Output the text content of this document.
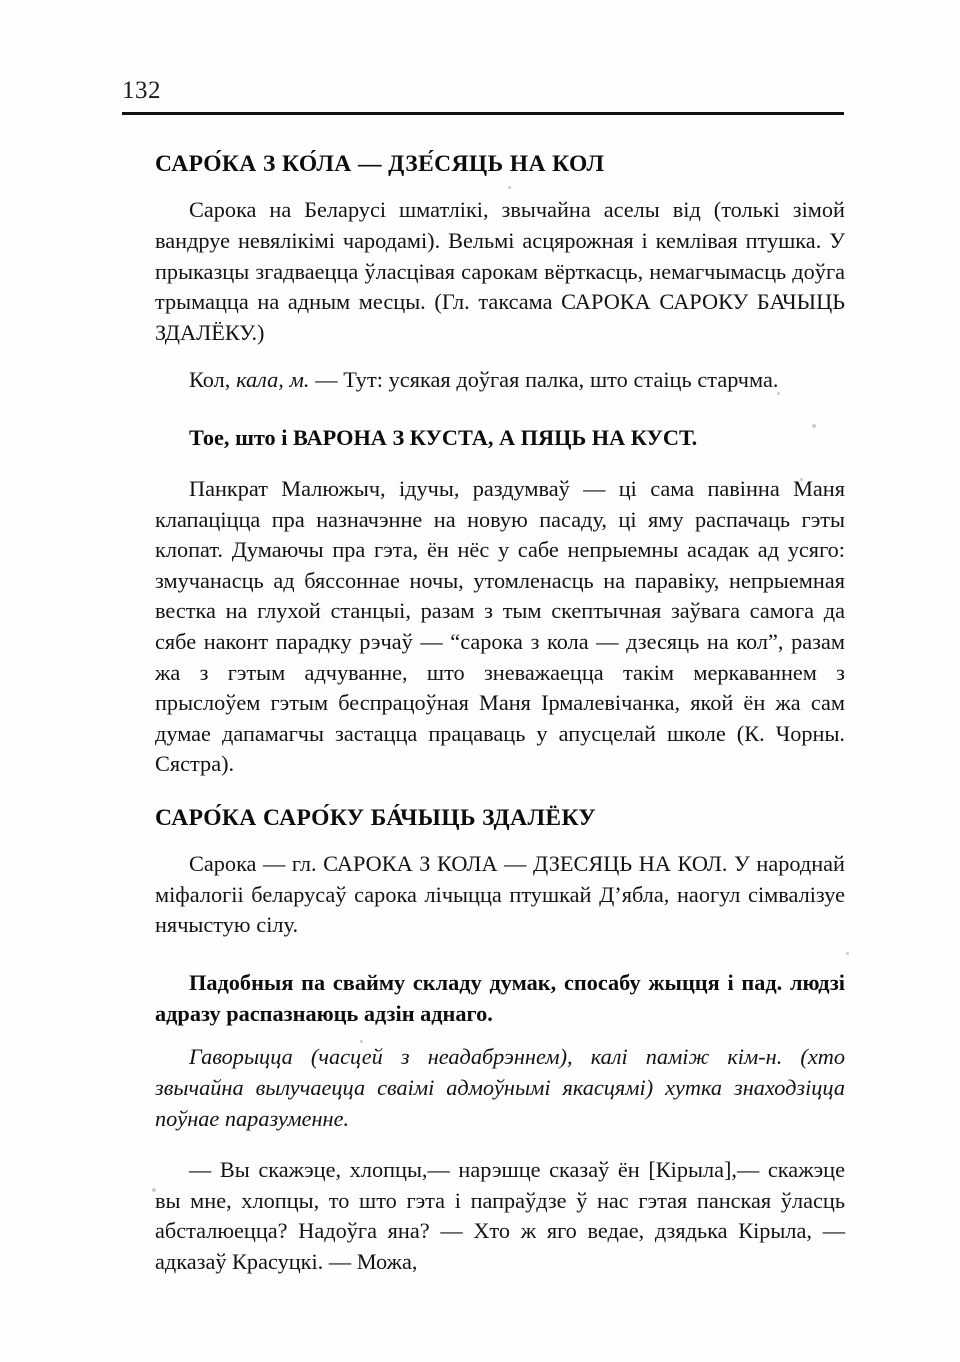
132
САРО́КА З КО́ЛА — ДЗЕ́СЯЦЬ НА КОЛ

Сарока на Беларусі шматлікі, звычайна аселы від (толькі зімой вандруе невялікімі чародамі). Вельмі асцярожная і кемлівая птушка. У прыказцы згадваецца ўласцівая сарокам вёрткасць, немагчымасць доўга трымацца на адным месцы. (Гл. таксама САРОКА САРОКУ БАЧЫЦЬ ЗДАЛЁКУ.)

Кол, кала, м. — Тут: усякая доўгая палка, што стаіць старчма.

Тое, што і ВАРОНА З КУСТА, А ПЯЦЬ НА КУСТ.

Панкрат Малюжыч, ідучы, раздумваў — ці сама павінна Маня клапаціцца пра назначэнне на новую пасаду, ці яму распачаць гэты клопат. Думаючы пра гэта, ён нёс у сабе непрыемны асадак ад усяго: змучанасць ад бяссоннае ночы, утомленасць на паравіку, непрыемная вестка на глухой станцыі, разам з тым скептычная заўвага самога да сябе наконт парадку рэчаў — “сарока з кола — дзесяць на кол”, разам жа з гэтым адчуванне, што зневажаецца такім меркаваннем з прыслоўем гэтым беспрацоўная Маня Ірмалевічанка, якой ён жа сам думае дапамагчы застацца працаваць у апусцелай школе (К. Чорны. Сястра).

САРО́КА САРО́КУ БА́ЧЫЦЬ ЗДАЛЁКУ

Сарока — гл. САРОКА З КОЛА — ДЗЕСЯЦЬ НА КОЛ. У народнай міфалогіі беларусаў сарока лічыцца птушкай Д’ябла, наогул сімвалізуе нячыстую сілу.

Падобныя па свайму складу думак, спосабу жыцця і пад. людзі адразу распазнаюць адзін аднаго.

Гаворыцца (часцей з неадабрэннем), калі паміж кім-н. (хто звычайна вылучаецца сваімі адмоўнымі якасцямі) хутка знаходзіцца поўнае паразуменне.

— Вы скажэце, хлопцы,— нарэшце сказаў ён [Кірыла],— скажэце вы мне, хлопцы, то што гэта і папраўдзе ў нас гэтая панская ўласць абсталюецца? Надоўга яна? — Хто ж яго ведае, дзядька Кірыла, — адказаў Красуцкі. — Можа,
